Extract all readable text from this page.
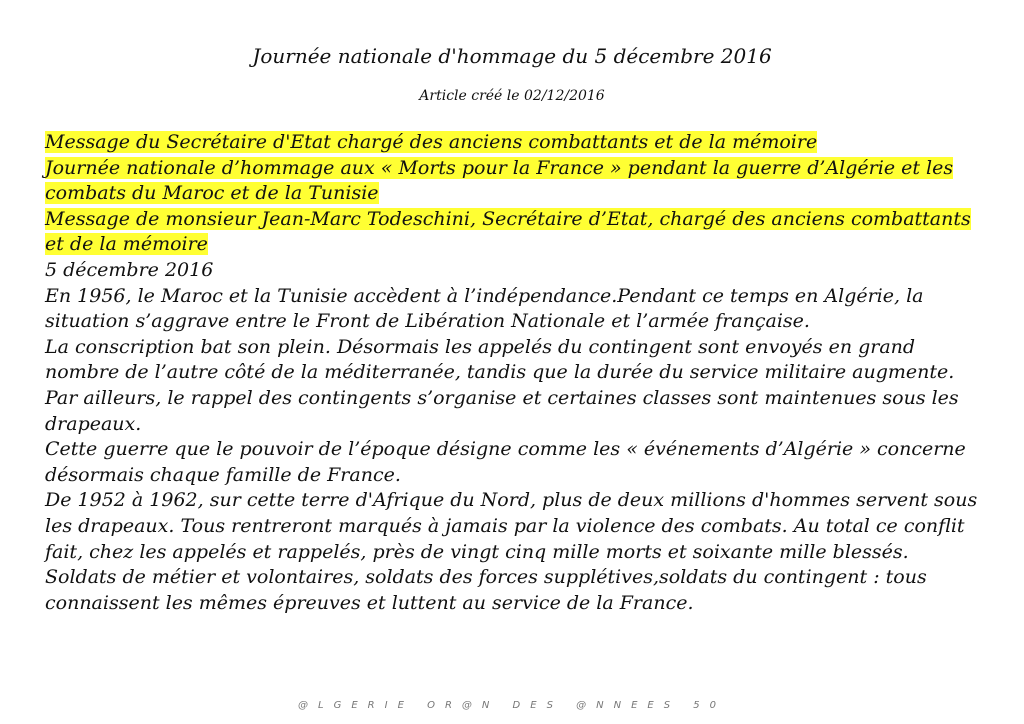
Journée nationale d'hommage du 5 décembre 2016
Article créé le 02/12/2016

Message du Secrétaire d'Etat chargé des anciens combattants et de la mémoire

Journée nationale d’hommage aux « Morts pour la France » pendant la guerre d’Algérie et les combats du Maroc et de la Tunisie

Message de monsieur Jean-Marc Todeschini, Secrétaire d’Etat, chargé des anciens combattants et de la mémoire

5 décembre 2016

En 1956, le Maroc et la Tunisie accèdent à l’indépendance.Pendant ce temps en Algérie, la situation s’aggrave entre le Front de Libération Nationale et l’armée française.

La conscription bat son plein. Désormais les appelés du contingent sont envoyés en grand nombre de l’autre côté de la méditerranée, tandis que la durée du service militaire augmente. Par ailleurs, le rappel des contingents s’organise et certaines classes sont maintenues sous les drapeaux.

Cette guerre que le pouvoir de l’époque désigne comme les « événements d’Algérie » concerne désormais chaque famille de France.

De 1952 à 1962, sur cette terre d'Afrique du Nord, plus de deux millions d'hommes servent sous les drapeaux. Tous rentreront marqués à jamais par la violence des combats. Au total ce conflit fait, chez les appelés et rappelés, près de vingt cinq mille morts et soixante mille blessés.

Soldats de métier et volontaires, soldats des forces supplétives,soldats du contingent : tous connaissent les mêmes épreuves et luttent au service de la France.

@LGERIE OR@N DES @NNEES 50
